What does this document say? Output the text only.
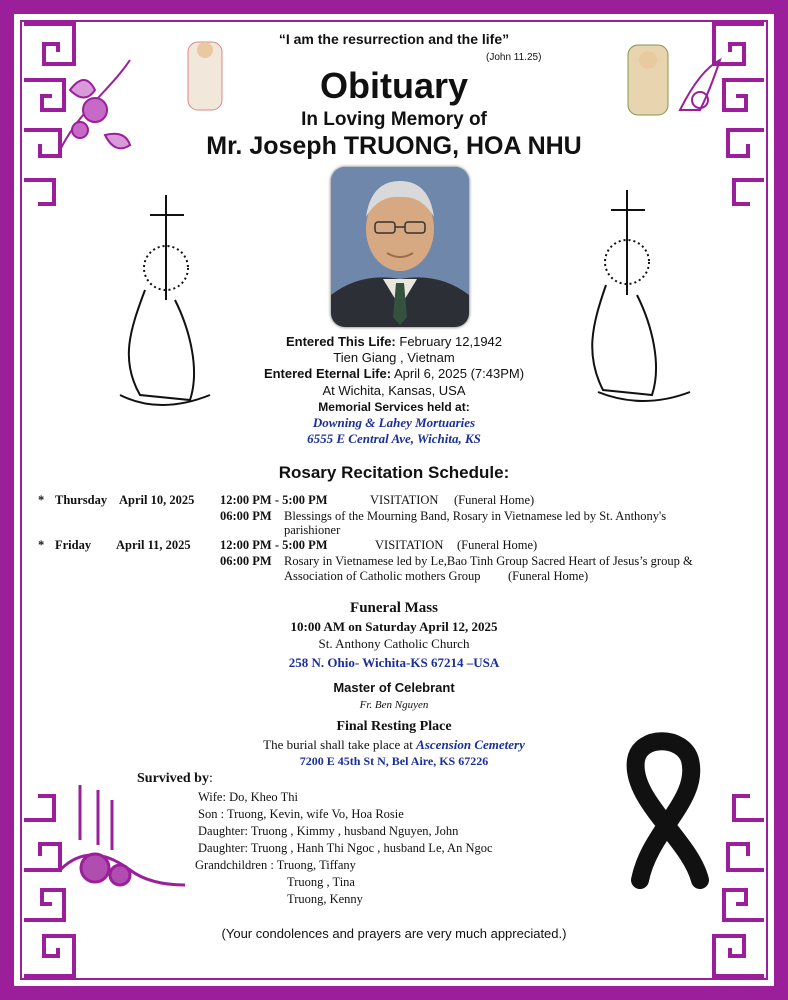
“I am the resurrection and the life”
(John 11.25)
Obituary
In Loving Memory of
Mr. Joseph TRUONG, HOA NHU
Entered This Life: February 12,1942
Tien Giang , Vietnam
Entered Eternal Life: April 6, 2025 (7:43PM)
At Wichita, Kansas, USA
Memorial Services held at:
Downing & Lahey Mortuaries
6555 E Central Ave, Wichita, KS
Rosary Recitation Schedule:
* Thursday April 10, 2025 12:00 PM - 5:00 PM	VISITATION (Funeral Home)
06:00 PM Blessings of the Mourning Band, Rosary in Vietnamese led by St. Anthony's
parishioner
* Friday April 11, 2025 12:00 PM - 5:00 PM	VISITATION (Funeral Home)
06:00 PM Rosary in Vietnamese led by Le,Bao Tinh Group Sacred Heart of Jesus’s group &
Association of Catholic mothers Group (Funeral Home)
Funeral Mass
10:00 AM on Saturday April 12, 2025
St. Anthony Catholic Church
258 N. Ohio- Wichita-KS 67214 –USA
Master of Celebrant
Fr. Ben Nguyen
Final Resting Place
The burial shall take place at Ascension Cemetery
7200 E 45th St N, Bel Aire, KS 67226
Survived by:
Wife: Do, Kheo Thi
Son : Truong, Kevin, wife Vo, Hoa Rosie
Daughter: Truong , Kimmy , husband Nguyen, John
Daughter: Truong , Hanh Thi Ngoc , husband Le, An Ngoc
Grandchildren : Truong, Tiffany
Truong , Tina
Truong, Kenny
(Your condolences and prayers are very much appreciated.)
